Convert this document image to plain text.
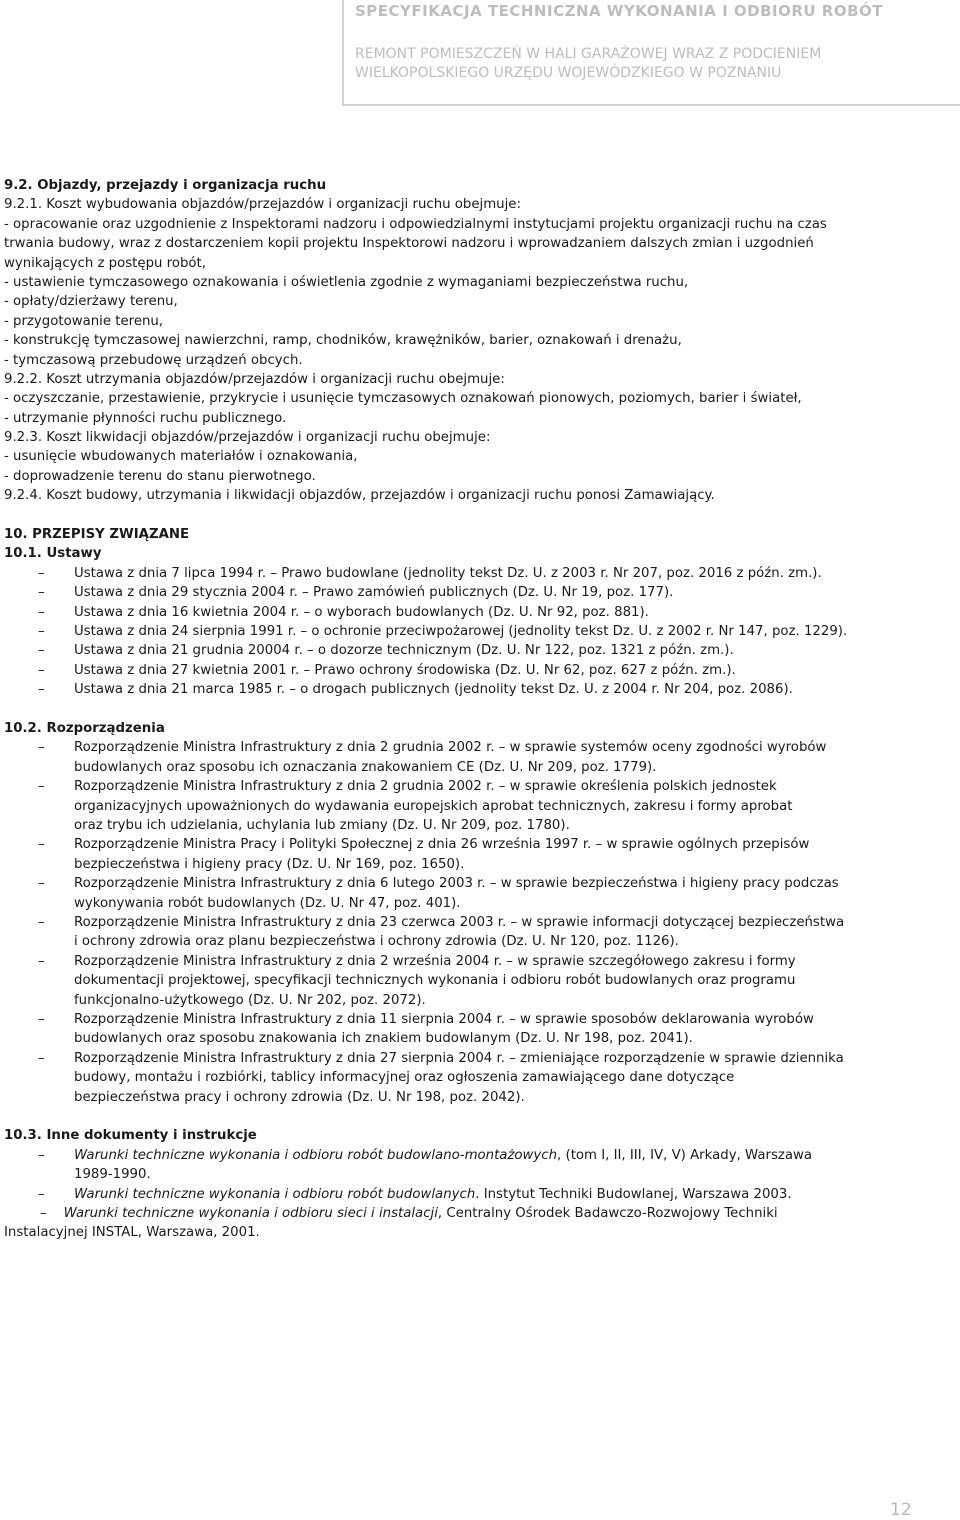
SPECYFIKACJA TECHNICZNA WYKONANIA I ODBIORU ROBÓT
REMONT POMIESZCZEŃ W HALI GARAŻOWEJ WRAZ Z PODCIENIEM
WIELKOPOLSKIEGO URZĘDU WOJEWÓDZKIEGO W POZNANIU
9.2. Objazdy, przejazdy i organizacja ruchu
9.2.1. Koszt wybudowania objazdów/przejazdów i organizacji ruchu obejmuje:
- opracowanie oraz uzgodnienie z Inspektorami nadzoru i odpowiedzialnymi instytucjami projektu organizacji ruchu na czas
trwania budowy, wraz z dostarczeniem kopii projektu Inspektorowi nadzoru i wprowadzaniem dalszych zmian i uzgodnień
wynikających z postępu robót,
- ustawienie tymczasowego oznakowania i oświetlenia zgodnie z wymaganiami bezpieczeństwa ruchu,
- opłaty/dzierżawy terenu,
- przygotowanie terenu,
- konstrukcję tymczasowej nawierzchni, ramp, chodników, krawężników, barier, oznakowań i drenażu,
- tymczasową przebudowę urządzeń obcych.
9.2.2. Koszt utrzymania objazdów/przejazdów i organizacji ruchu obejmuje:
- oczyszczanie, przestawienie, przykrycie i usunięcie tymczasowych oznakowań pionowych, poziomych, barier i świateł,
- utrzymanie płynności ruchu publicznego.
9.2.3. Koszt likwidacji objazdów/przejazdów i organizacji ruchu obejmuje:
- usunięcie wbudowanych materiałów i oznakowania,
- doprowadzenie terenu do stanu pierwotnego.
9.2.4. Koszt budowy, utrzymania i likwidacji objazdów, przejazdów i organizacji ruchu ponosi Zamawiający.
10. PRZEPISY ZWIĄZANE
10.1. Ustawy
– Ustawa z dnia 7 lipca 1994 r. – Prawo budowlane (jednolity tekst Dz. U. z 2003 r. Nr 207, poz. 2016 z późn. zm.).
– Ustawa z dnia 29 stycznia 2004 r. – Prawo zamówień publicznych (Dz. U. Nr 19, poz. 177).
– Ustawa z dnia 16 kwietnia 2004 r. – o wyborach budowlanych (Dz. U. Nr 92, poz. 881).
– Ustawa z dnia 24 sierpnia 1991 r. – o ochronie przeciwpożarowej (jednolity tekst Dz. U. z 2002 r. Nr 147, poz. 1229).
– Ustawa z dnia 21 grudnia 20004 r. – o dozorze technicznym (Dz. U. Nr 122, poz. 1321 z późn. zm.).
– Ustawa z dnia 27 kwietnia 2001 r. – Prawo ochrony środowiska (Dz. U. Nr 62, poz. 627 z późn. zm.).
– Ustawa z dnia 21 marca 1985 r. – o drogach publicznych (jednolity tekst Dz. U. z 2004 r. Nr 204, poz. 2086).
10.2. Rozporządzenia
– Rozporządzenie Ministra Infrastruktury z dnia 2 grudnia 2002 r. – w sprawie systemów oceny zgodności wyrobów
budowlanych oraz sposobu ich oznaczania znakowaniem CE (Dz. U. Nr 209, poz. 1779).
– Rozporządzenie Ministra Infrastruktury z dnia 2 grudnia 2002 r. – w sprawie określenia polskich jednostek
organizacyjnych upoważnionych do wydawania europejskich aprobat technicznych, zakresu i formy aprobat
oraz trybu ich udzielania, uchylania lub zmiany (Dz. U. Nr 209, poz. 1780).
– Rozporządzenie Ministra Pracy i Polityki Społecznej z dnia 26 września 1997 r. – w sprawie ogólnych przepisów
bezpieczeństwa i higieny pracy (Dz. U. Nr 169, poz. 1650).
– Rozporządzenie Ministra Infrastruktury z dnia 6 lutego 2003 r. – w sprawie bezpieczeństwa i higieny pracy podczas
wykonywania robót budowlanych (Dz. U. Nr 47, poz. 401).
– Rozporządzenie Ministra Infrastruktury z dnia 23 czerwca 2003 r. – w sprawie informacji dotyczącej bezpieczeństwa
i ochrony zdrowia oraz planu bezpieczeństwa i ochrony zdrowia (Dz. U. Nr 120, poz. 1126).
– Rozporządzenie Ministra Infrastruktury z dnia 2 września 2004 r. – w sprawie szczegółowego zakresu i formy
dokumentacji projektowej, specyfikacji technicznych wykonania i odbioru robót budowlanych oraz programu
funkcjonalno-użytkowego (Dz. U. Nr 202, poz. 2072).
– Rozporządzenie Ministra Infrastruktury z dnia 11 sierpnia 2004 r. – w sprawie sposobów deklarowania wyrobów
budowlanych oraz sposobu znakowania ich znakiem budowlanym (Dz. U. Nr 198, poz. 2041).
– Rozporządzenie Ministra Infrastruktury z dnia 27 sierpnia 2004 r. – zmieniające rozporządzenie w sprawie dziennika
budowy, montażu i rozbiórki, tablicy informacyjnej oraz ogłoszenia zamawiającego dane dotyczące
bezpieczeństwa pracy i ochrony zdrowia (Dz. U. Nr 198, poz. 2042).
10.3. Inne dokumenty i instrukcje
– Warunki techniczne wykonania i odbioru robót budowlano-montażowych, (tom I, II, III, IV, V) Arkady, Warszawa
1989-1990.
– Warunki techniczne wykonania i odbioru robót budowlanych. Instytut Techniki Budowlanej, Warszawa 2003.
–    Warunki techniczne wykonania i odbioru sieci i instalacji, Centralny Ośrodek Badawczo-Rozwojowy Techniki
Instalacyjnej INSTAL, Warszawa, 2001.
12
